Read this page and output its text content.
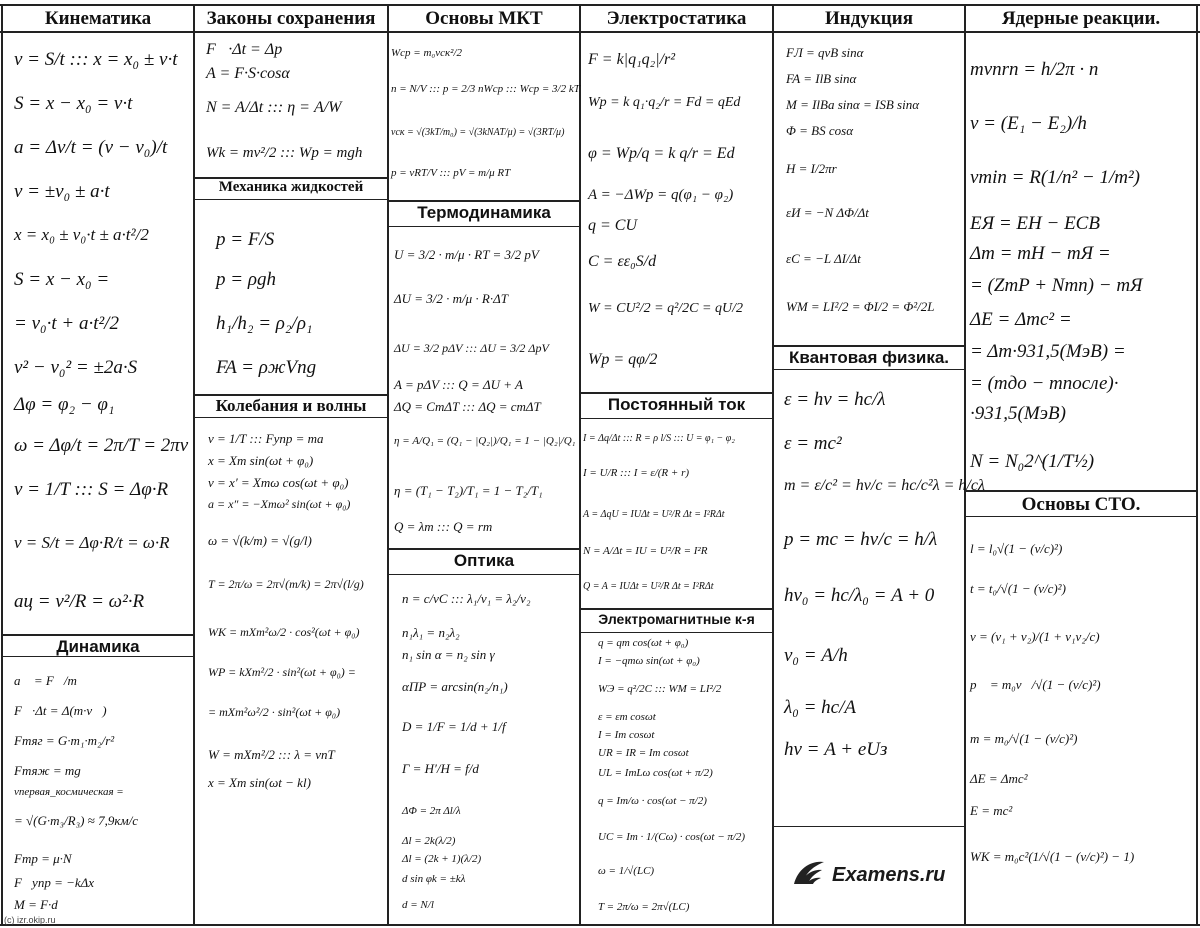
Кинематика	Законы сохранения	Основы МКТ	Электростатика	Индукция	Ядерные реакции.
Механика жидкостей
Колебания и волны
Термодинамика
Оптика
Постоянный ток
Электромагнитные к-я
Квантовая физика.
Динамика
Основы СТО.
v = S/t ::: x = x₀ ± v·t
S = x − x₀ = v·t
a = Δv/t = (v − v₀)/t
v = ±v₀ ± a·t
x = x₀ ± v₀·t ± a·t²/2
S = x − x₀ =
= v₀·t + a·t²/2
v² − v₀² = ±2a·S
Δφ = φ₂ − φ₁
ω = Δφ/t = 2π/T = 2πν
ν = 1/T ::: S = Δφ·R
v = S/t = Δφ·R/t = ω·R
aц = v²/R = ω²·R
a⃗ = F⃗/m
F⃗·Δt = Δ(m·v⃗)
Fтяг = G·m₁·m₂/r²
Fтяж = mg
vпервая_космическая =
= √(G·m₃/R₃) ≈ 7,9км/с
Fтр = μ·N
F⃗упр = −kΔx⃗
M = F·d
F⃗·Δt = Δp⃗
A = F·S·cosα
N = A/Δt ::: η = A/W
Wk = mv²/2 ::: Wp = mgh
p = F/S
p = ρgh
h₁/h₂ = ρ₂/ρ₁
FA = ρжVпg
v = 1/T ::: Fупр = ma
x = Xm sin(ωt + φ₀)
v = x′ = Xmω cos(ωt + φ₀)
a = x″ = −Xmω² sin(ωt + φ₀)
ω = √(k/m) = √(g/l)
T = 2π/ω = 2π√(m/k) = 2π√(l/g)
WK = mXm²ω/2 · cos²(ωt + φ₀)
WP = kXm²/2 · sin²(ωt + φ₀) =
= mXm²ω²/2 · sin²(ωt + φ₀)
W = mXm²/2 ::: λ = vnT
x = Xm sin(ωt − kl)
Wср = m₀vск²/2
n = N/V ::: p = 2/3 nWср ::: Wср = 3/2 kT
vск = √(3kT/m₀) = √(3kNAT/μ) = √(3RT/μ)
p = νRT/V ::: pV = m/μ RT
U = 3/2 · m/μ · RT = 3/2 pV
ΔU = 3/2 · m/μ · R·ΔT
ΔU = 3/2 pΔV ::: ΔU = 3/2 ΔpV
A = pΔV ::: Q = ΔU + A
ΔQ = CтΔT ::: ΔQ = cmΔT
η = A/Q₁ = (Q₁ − |Q₂|)/Q₁ = 1 − |Q₂|/Q₁
η = (T₁ − T₂)/T₁ = 1 − T₂/T₁
Q = λm ::: Q = rm
n = c/vC ::: λ₁/v₁ = λ₂/v₂
n₁λ₁ = n₂λ₂
n₁ sin α = n₂ sin γ
αПР = arcsin(n₂/n₁)
D = 1/F = 1/d + 1/f
Г = H′/H = f/d
ΔΦ = 2π Δl/λ
Δl = 2k(λ/2)
Δl = (2k + 1)(λ/2)
d sin φk = ±kλ
d = N/l
F = k|q₁q₂|/r²
Wp = k q₁·q₂/r = Fd = qEd
φ = Wp/q = k q/r = Ed
A = −ΔWp = q(φ₁ − φ₂)
q = CU
C = εε₀S/d
W = CU²/2 = q²/2C = qU/2
Wp = qφ/2
I = Δq/Δt ::: R = ρ l/S ::: U = φ₁ − φ₂
I = U/R ::: I = ε/(R + r)
A = ΔqU = IUΔt = U²/R Δt = I²RΔt
N = A/Δt = IU = U²/R = I²R
Q = A = IUΔt = U²/R Δt = I²RΔt
q = qm cos(ωt + φ₀)
I = −qmω sin(ωt + φ₀)
WЭ = q²/2C ::: WM = LI²/2
ε = εm cosωt
I = Im cosωt
UR = IR = Im cosωt
UL = ImLω cos(ωt + π/2)
q = Im/ω · cos(ωt − π/2)
UC = Im · 1/(Cω) · cos(ωt − π/2)
ω = 1/√(LC)
T = 2π/ω = 2π√(LC)
FЛ = qvB sinα
FA = IlB sinα
M = IlBa sinα = ISB sinα
Φ = BS cosα
H = I/2πr
εИ = −N ΔΦ/Δt
εC = −L ΔI/Δt
WM = LI²/2 = ΦI/2 = Φ²/2L
ε = hν = hc/λ
ε = mc²
m = ε/c² = hν/c = hc/c²λ = h/cλ
p = mc = hν/c = h/λ
hν₀ = hc/λ₀ = A + 0
ν₀ = A/h
λ₀ = hc/A
hν = A + eUз
mνnrn = h/2π · n
ν = (E₁ − E₂)/h
νmin = R(1/n² − 1/m²)
EЯ = EН − EСВ
Δm = mН − mЯ =
= (ZmP + Nmn) − mЯ
ΔE = Δmc² =
= Δm·931,5(МэВ) =
= (mдо − mпосле)·
·931,5(МэВ)
N = N₀2^(1/T½)
l = l₀√(1 − (v/c)²)
t = t₀/√(1 − (v/c)²)
v = (v₁ + v₂)/(1 + v₁v₂/c)
p⃗ = m₀v⃗/√(1 − (v/c)²)
m = m₀/√(1 − (v/c)²)
ΔE = Δmc²
E = mc²
WK = m₀c²(1/√(1 − (v/c)²) − 1)
Examens.ru
(c) izr.okip.ru
